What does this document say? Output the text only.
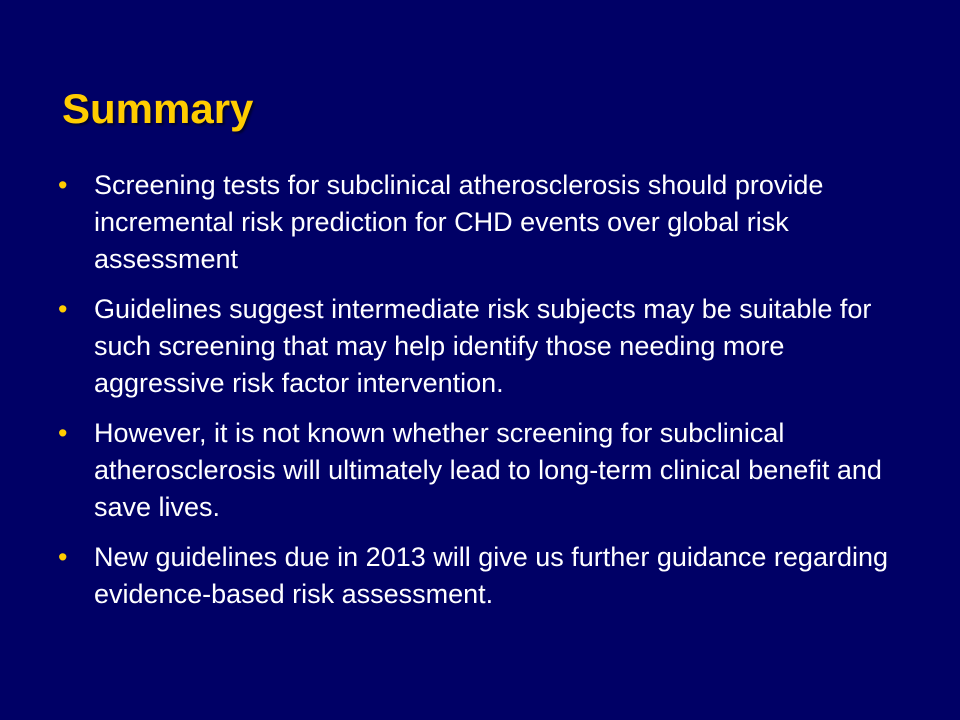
Summary
• Screening tests for subclinical atherosclerosis should provide incremental risk prediction for CHD events over global risk assessment
• Guidelines suggest intermediate risk subjects may be suitable for such screening that may help identify those needing more aggressive risk factor intervention.
• However, it is not known whether screening for subclinical atherosclerosis will ultimately lead to long-term clinical benefit and save lives.
• New guidelines due in 2013 will give us further guidance regarding evidence-based risk assessment.
